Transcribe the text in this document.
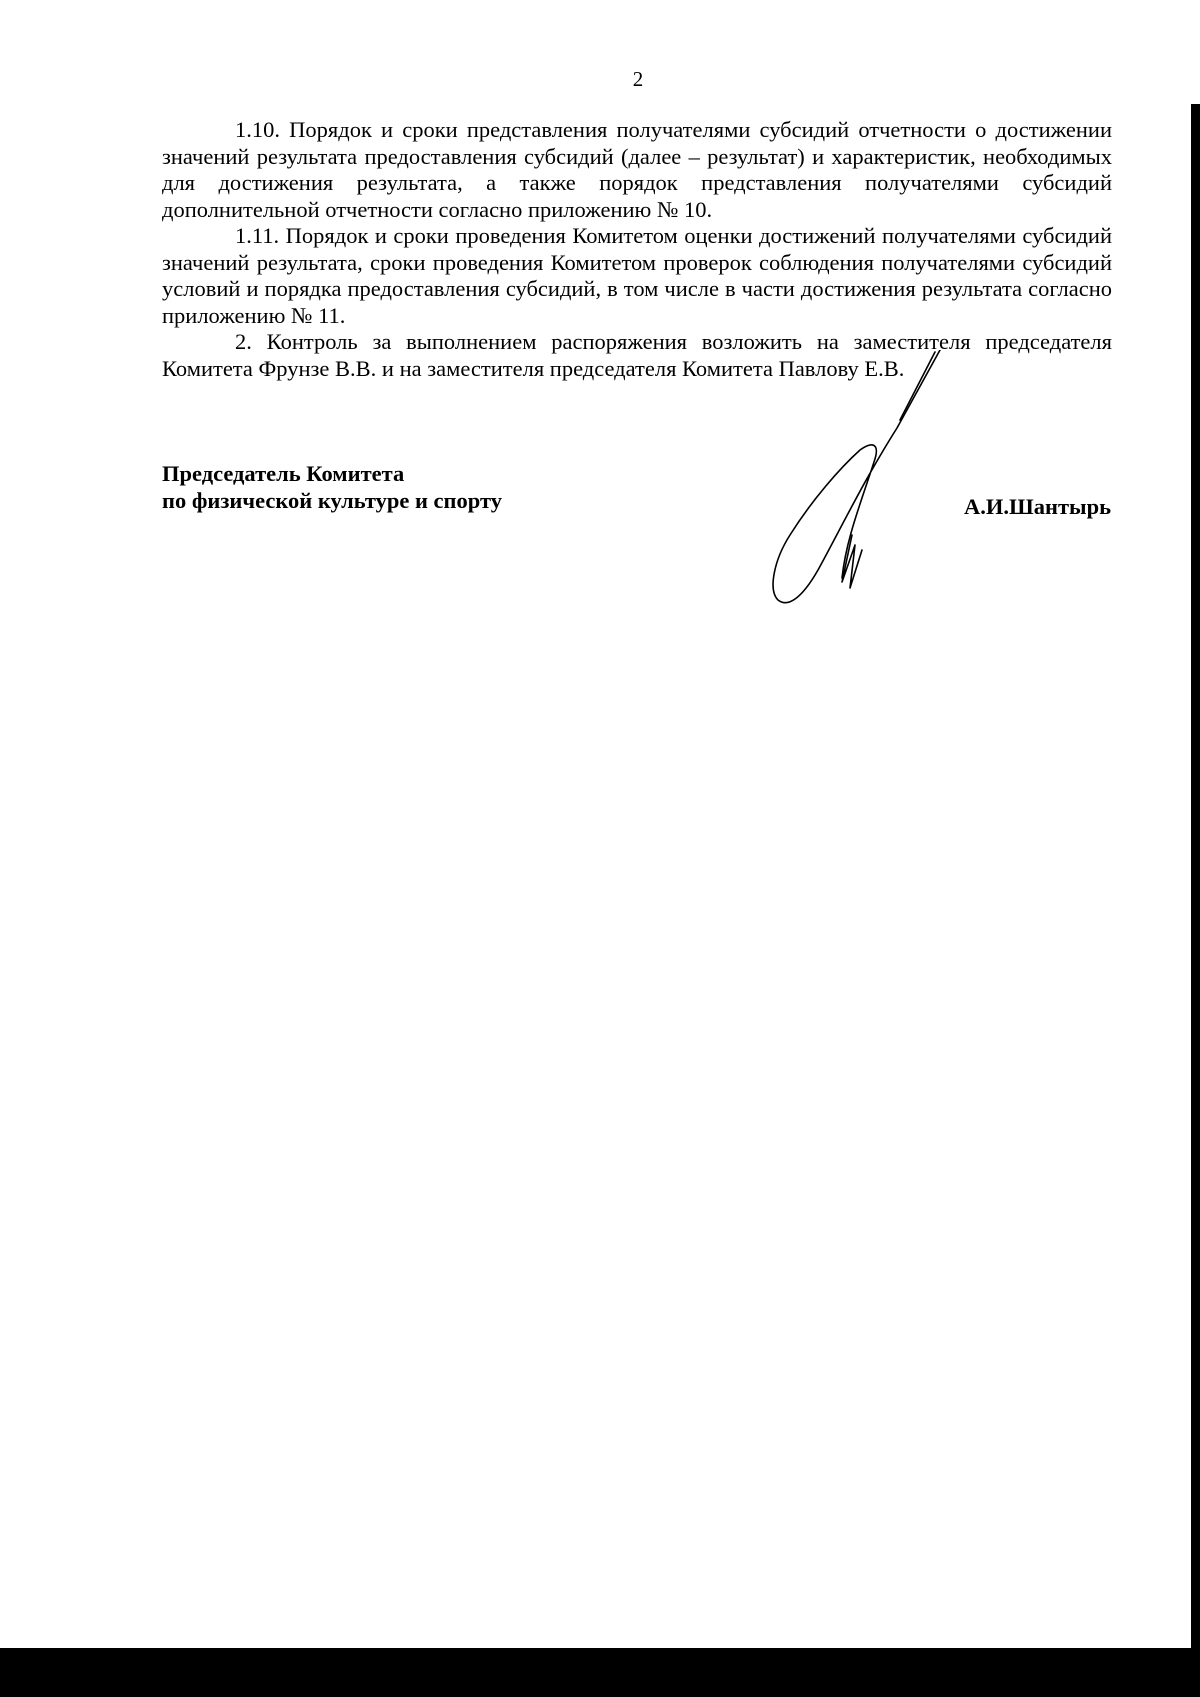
2

1.10. Порядок и сроки представления получателями субсидий отчетности о достижении значений результата предоставления субсидий (далее – результат) и характеристик, необходимых для достижения результата, а также порядок представления получателями субсидий дополнительной отчетности согласно приложению № 10.

1.11. Порядок и сроки проведения Комитетом оценки достижений получателями субсидий значений результата, сроки проведения Комитетом проверок соблюдения получателями субсидий условий и порядка предоставления субсидий, в том числе в части достижения результата согласно приложению № 11.

2. Контроль за выполнением распоряжения возложить на заместителя председателя Комитета Фрунзе В.В. и на заместителя председателя Комитета Павлову Е.В.

Председатель Комитета
по физической культуре и спорту	А.И.Шантырь
